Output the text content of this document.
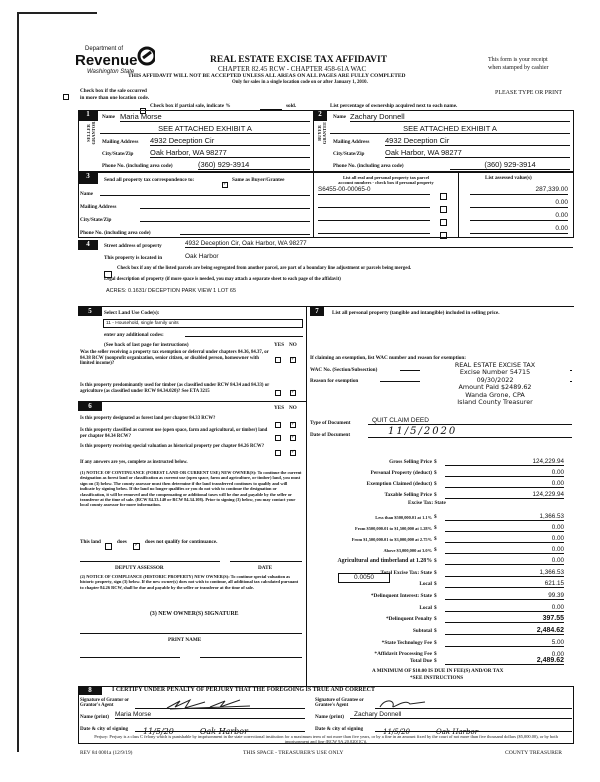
Department of
Revenue
Washington State
REAL ESTATE EXCISE TAX AFFIDAVIT
CHAPTER 82.45 RCW - CHAPTER 458-61A WAC
THIS AFFIDAVIT WILL NOT BE ACCEPTED UNLESS ALL AREAS ON ALL PAGES ARE FULLY COMPLETED
Only for sales in a single location code on or after January 1, 2010.
This form is your receipt
when stamped by cashier
Check box if the sale occurred
in more than one location code.
PLEASE TYPE OR PRINT
Check box if partial sale, indicate %	sold.	List percentage of ownership acquired next to each name.
1	2
SELLER GRANTOR	BUYER GRANTEE
Name Maria Morse
SEE ATTACHED EXHIBIT A
Mailing Address 4932 Deception Cir
City/State/Zip Oak Harbor, WA 98277
Phone No. (including area code)	(360) 929-3914
Name Zachary Donnell
SEE ATTACHED EXHIBIT A
Mailing Address 4932 Deception Cir
City/State/Zip	Oak Harbor, WA 98277
Phone No. (including area code)	(360) 929-3914
3	Send all property tax correspondence to:
✓
Same as Buyer/Grantee
Name
Mailing Address
City/State/Zip
Phone No. (including area code)
List all real and personal property tax parcel
account numbers - check box if personal property
List assessed value(s)
S6455-00-00065-0	287,339.00
0.00
0.00
0.00
4	Street address of property	4932 Deception Cir, Oak Harbor, WA 98277
This property is located in	Oak Harbor
Check box if any of the listed parcels are being segregated from another parcel, are part of a boundary line adjustment or parcels being merged.
Legal description of property (if more space is needed, you may attach a separate sheet to each page of the affidavit)
ACRES: 0.1631/ DECEPTION PARK VIEW 1 LOT 65
5	Select Land Use Code(s):
11 - Household, single family units
enter any additional codes:
(See back of last page for instructions)	YES NO
Was the seller receiving a property tax exemption or deferral under chapters 84.36, 84.37, or 84.38 RCW (nonprofit organization, senior citizen, or disabled person, homeowner with limited income)?
✓
Is this property predominantly used for timber (as classified under RCW 84.34 and 84.33) or agriculture (as classified under RCW 84.34.020)? See ETA 3215	✓
6	YES NO
Is this property designated as forest land per chapter 84.33 RCW?
✓
Is this property classified as current use (open space, farm and agricultural, or timber) land per chapter 84.34 RCW?	✓
Is this property receiving special valuation as historical property per chapter 84.26 RCW?
✓
If any answers are yes, complete as instructed below.
(1) NOTICE OF CONTINUANCE (FOREST LAND OR CURRENT USE) NEW OWNER(S): To continue the current designation as forest land or classification as current use (open space, farm and agriculture, or timber) land, you must sign on (3) below. The county assessor must then determine if the land transferred continues to qualify and will indicate by signing below. If the land no longer qualifies or you do not wish to continue the designation or classification, it will be removed and the compensating or additional taxes will be due and payable by the seller or transferor at the time of sale. (RCW 84.33.140 or RCW 84.34.108). Prior to signing (3) below, you may contact your local county assessor for more information.
This land	does
✓
does not qualify for continuance.
DEPUTY ASSESSOR	DATE
(2) NOTICE OF COMPLIANCE (HISTORIC PROPERTY) NEW OWNER(S): To continue special valuation as historic property, sign (3) below. If the new owner(s) does not wish to continue, all additional tax calculated pursuant to chapter 84.26 RCW, shall be due and payable by the seller or transferor at the time of sale.
(3) NEW OWNER(S) SIGNATURE
PRINT NAME
7	List all personal property (tangible and intangible) included in selling price.
If claiming an exemption, list WAC number and reason for exemption:
WAC No. (Section/Subsection)
Reason for exemption
REAL ESTATE EXCISE TAX
Excise Number 54715
09/30/2022
Amount Paid $2489.62
Wanda Grone, CPA
Island County Treasurer
Type of Document	QUIT CLAIM DEED
Date of Document	11/5/2020
Gross Selling Price $	124,229.94
Personal Property (deduct) $	0.00
Exemption Claimed (deduct) $	0.00
Taxable Selling Price $	124,229.94
Less than $500,000.01 at 1.1% $	1,366.53
From $500,000.01 to $1,500,000 at 1.28% $	0.00
From $1,500,000.01 to $3,000,000 at 2.75% $	0.00
Above $3,000,000 at 3.0% $	0.00
Agricultural and timberland at 1.28% $	0.00
Total Excise Tax: State $	1,366.53
Local $	621.15
*Delinquent Interest: State $	99.39
Local $	0.00
*Delinquent Penalty $	397.55
Subtotal $	2,484.62
*State Technology Fee $	5.00
*Affidavit Processing Fee $	0.00
Total Due $	2,489.62
Excise Tax: State
0.0050
A MINIMUM OF $10.00 IS DUE IN FEE(S) AND/OR TAX
*SEE INSTRUCTIONS
8	I CERTIFY UNDER PENALTY OF PERJURY THAT THE FOREGOING IS TRUE AND CORRECT
Signature of Grantor or Grantor's Agent
Signature of Grantee or Grantee's Agent
Name (print) Maria Morse	Name (print)	Zachary Donnell
Date & city of signing	11/5/20	Oak Harbor	Date & city of signing	11/5/20	Oak Harbor
Perjury: Perjury is a class C felony which is punishable by imprisonment in the state correctional institution for a maximum term of not more than five years, or by a fine in an amount fixed by the court of not more than five thousand dollars ($5,000.00), or by both imprisonment and fine (RCW 9A.20.020(1C)).
REV 84 0001a (12/9/19)	THIS SPACE - TREASURER'S USE ONLY	COUNTY TREASURER
